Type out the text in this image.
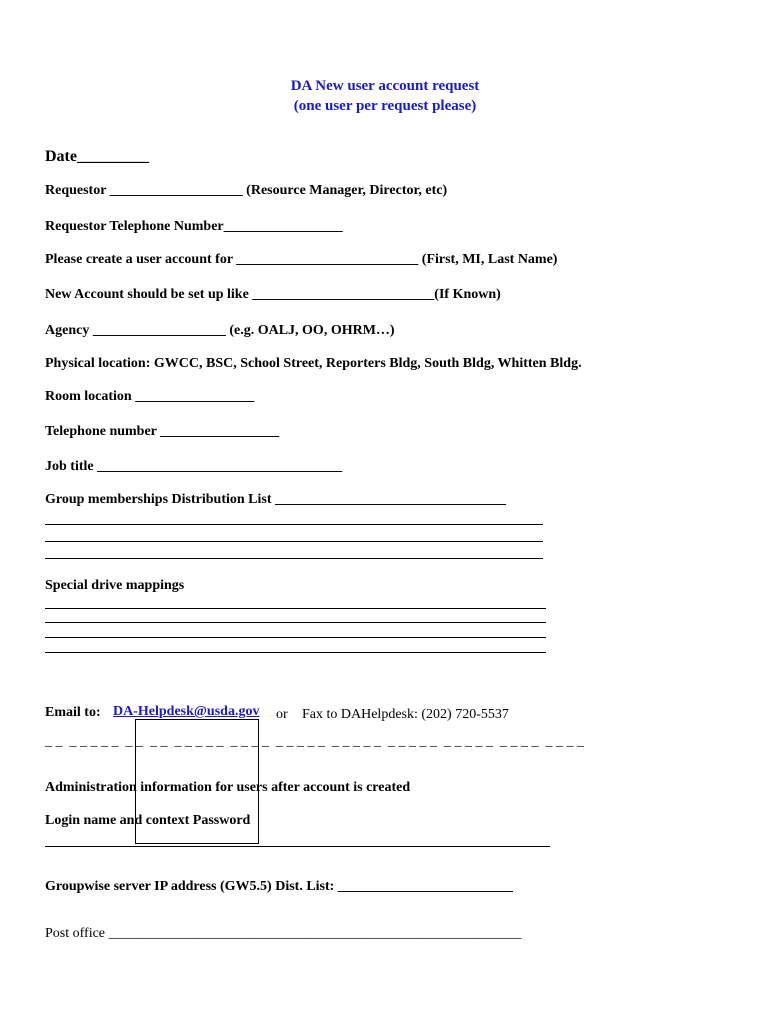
DA New user account request
(one user per request please)
Date_________
Requestor ___________________ (Resource Manager, Director, etc)
Requestor Telephone Number_________________
Please create a user account for __________________________ (First, MI, Last Name)
New Account should be set up like __________________________(If Known)
Agency ___________________ (e.g. OALJ, OO, OHRM…)
Physical location: GWCC, BSC, School Street, Reporters Bldg, South Bldg, Whitten Bldg.
Room location _________________
Telephone number _________________
Job title ___________________________________
Group memberships Distribution List _________________________________
Special drive mappings
Email to: DA-Helpdesk@usda.gov or Fax to DAHelpdesk: (202) 720-5537
_ _  _ _ _ _ _  _ _  _ _  _ _ _ _ _  _ _ _ _  _ _ _ _ _  _ _ _ _ _  _ _ _ _ _  _ _ _ _ _  _ _ _ _  _ _ _ _
Administration information for users after account is created
Login name and context Password
Groupwise server IP address (GW5.5) Dist. List: _________________________
Post office ___________________________________________________________
